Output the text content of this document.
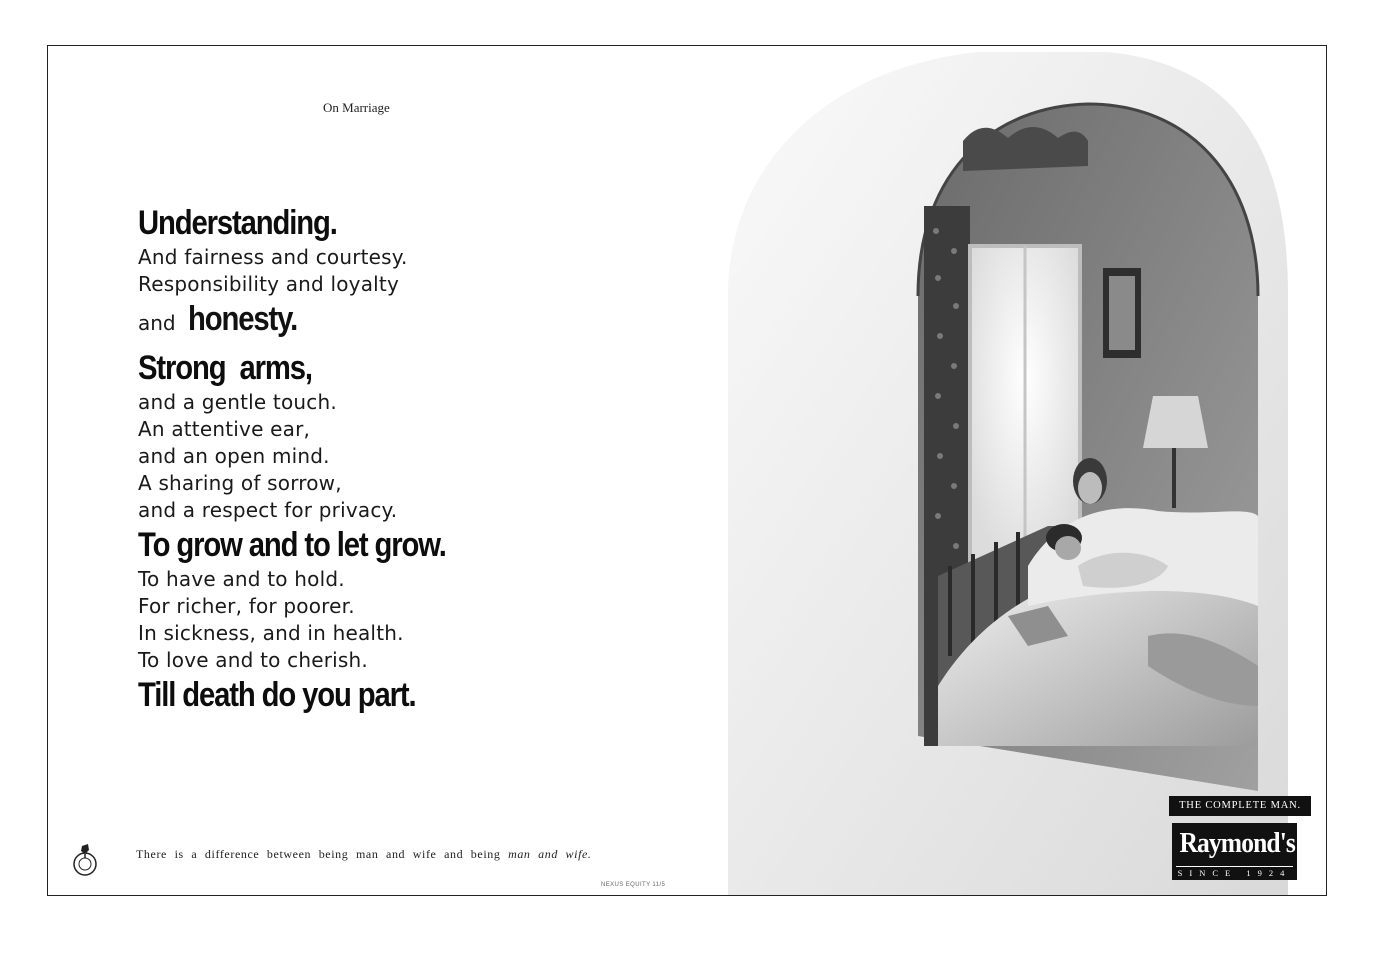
On Marriage
Understanding.
And fairness and courtesy.
Responsibility and loyalty
and honesty.
Strong  arms,
and a gentle touch.
An attentive ear,
and an open mind.
A sharing of sorrow,
and a respect for privacy.
To grow and to let grow.
To have and to hold.
For richer, for poorer.
In sickness, and in health.
To love and to cherish.
Till death do you part.
There is a difference between being man and wife and being man and wife.
NEXUS EQUITY 11/5
THE COMPLETE MAN.
Raymond's
SINCE 1924
